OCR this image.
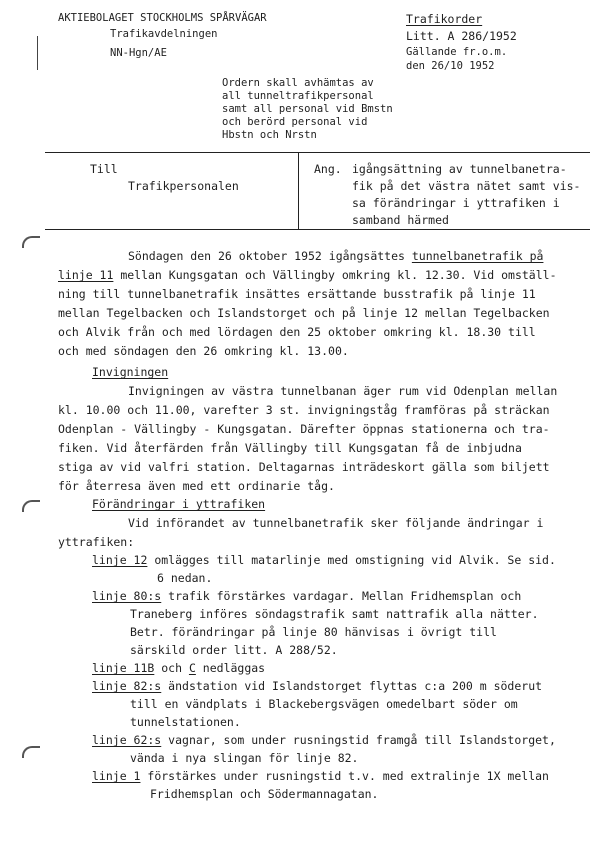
AKTIEBOLAGET STOCKHOLMS SPÅRVÄGAR
Trafikavdelningen
NN-Hgn/AE
Trafikorder
Litt. A 286/1952
Gällande fr.o.m.
den 26/10 1952
Ordern skall avhämtas av
all tunneltrafikpersonal
samt all personal vid Bmstn
och berörd personal vid
Hbstn och Nrstn
Till
Trafikpersonalen
Ang. igångsättning av tunnelbanetra-
fik på det västra nätet samt vis-
sa förändringar i yttrafiken i
samband härmed
Söndagen den 26 oktober 1952 igångsättes tunnelbanetrafik på
linje 11 mellan Kungsgatan och Vällingby omkring kl. 12.30. Vid omställ-
ning till tunnelbanetrafik insättes ersättande busstrafik på linje 11
mellan Tegelbacken och Islandstorget och på linje 12 mellan Tegelbacken
och Alvik från och med lördagen den 25 oktober omkring kl. 18.30 till
och med söndagen den 26 omkring kl. 13.00.
Invigningen
Invigningen av västra tunnelbanan äger rum vid Odenplan mellan
kl. 10.00 och 11.00, varefter 3 st. invigningståg framföras på sträckan
Odenplan - Vällingby - Kungsgatan. Därefter öppnas stationerna och tra-
fiken. Vid återfärden från Vällingby till Kungsgatan få de inbjudna
stiga av vid valfri station. Deltagarnas inträdeskort gälla som biljett
för återresa även med ett ordinarie tåg.
Förändringar i yttrafiken
Vid införandet av tunnelbanetrafik sker följande ändringar i
yttrafiken:
linje 12 omlägges till matarlinje med omstigning vid Alvik. Se sid.
6 nedan.
linje 80:s trafik förstärkes vardagar. Mellan Fridhemsplan och
Traneberg införes söndagstrafik samt nattrafik alla nätter.
Betr. förändringar på linje 80 hänvisas i övrigt till
särskild order litt. A 288/52.
linje 11B och C nedläggas
linje 82:s ändstation vid Islandstorget flyttas c:a 200 m söderut
till en vändplats i Blackebergsvägen omedelbart söder om
tunnelstationen.
linje 62:s vagnar, som under rusningstid framgå till Islandstorget,
vända i nya slingan för linje 82.
linje 1 förstärkes under rusningstid t.v. med extralinje 1X mellan
Fridhemsplan och Södermannagatan.
